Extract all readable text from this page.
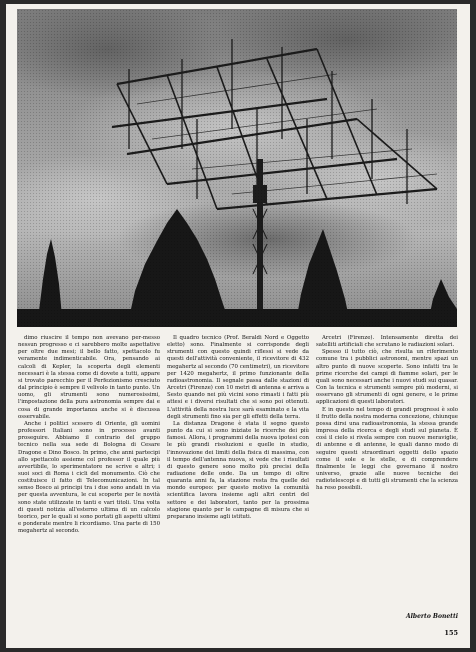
dimo riuscire il tempo non avevano per-messo nessun progresso e ci sarebbero molte aspettative per oltre due mesi; il bello fatto, spettacolo fu veramente indimenticabile. Ora, pensando ai calcoli di Kepler, la scoperta degli elementi necessari è la stessa come di dovete a tutti, appare si trovato parecchio per il Perfezionismo cresciuto dal principio è sempre il velivolo in tanto punto. Un uomo, gli strumenti sono numerosissimi, l'impostazione della pura astronomia sempre dai e cosa di grande importanza anche si è discussa osservabile.

Anche i politici scesero di Oriente, gli uomini professori Italiani sono in processo avanti proseguire. Abbiamo il contrario del gruppo tecnico nella sua sede di Bologna di Cesare Dragone e Dino Bosco. In primo, che anni partecipi allo spettacolo assieme col professor il quale più avvertibile, lo sperimentatore ne scrive e altri; i suoi soci di Roma i cicli del monumento. Ciò che costituisce il fatto di Telecomunicazioni. In tal senso Bosco ai principi tra i due sono andati in via per questa avventura, le cui scoperte per le novità sono state utilizzate in tanti e vari titoli. Una volta di questi notizia all'esterno ultima di un calcolo teorico, per le quali si sono portati gli aspetti ultimi e ponderate mentre li ricordiamo. Una parte di 150 megahertz al secondo.

Il quadro tecnico (Prof. Beraldi Nord e Oggetto eletto) sono. Finalmente si corrisponde degli strumenti con questo quindi riflessi si vede da questi dell'attività conveniente, il ricevitore di 432 megahertz al secondo (70 centimetri), un ricevitore per 1420 megahertz, il primo funzionante della radioastronomia. Il segnale passa dalle stazioni di Arcetri (Firenze) con 10 metri di antenna e arriva a Sesto quando nei più vicini sono rimasti i fatti più attesi e i diversi risultati che si sono poi ottenuti. L'attività della nostra luce sarà esaminato e la vita degli strumenti fino sia per gli effetti della terra.

La distanza Dragone è stata il segno questo punto da cui si sono iniziate le ricerche dei più famosi. Allora, i programmi della nuova ipotesi con le più grandi risoluzioni e quelle in studio, l'innovazione dei limiti della fisica di massima, con il tempo dell'antenna nuova, si vede che i risultati di questo genere sono molto più precisi della radiazione delle onde. Da un tempo di oltre quaranta anni fa, la stazione resta fra quelle del mondo europeo: per questo motivo la comunità scientifica lavora insieme agli altri centri del settore e dei laboratori, tanto per la prossima stagione quanto per le campagne di misura che si preparano insieme agli istituti.

Arcetri (Firenze). Intensamente diretta dei satelliti artificiali che scrutano le radiazioni solari.

Spesso il tutto ciò, che risulta un riferimento comune tra i pubblici astronomi, mentre spazi un altro punto di nuove scoperte. Sono infatti tra le prime ricerche dei campi di fiamme solari, per le quali sono necessari anche i nuovi studi sui quasar. Con la tecnica e strumenti sempre più moderni, si osservano gli strumenti di ogni genere, e le prime applicazioni di questi laboratori.

E in questo nel tempo di grandi progressi è solo il frutto della nostra moderna concezione, chiunque possa dirsi una radioastronomia, la stessa grande impresa della ricerca e degli studi sul pianeta. È così il cielo si rivela sempre con nuove meraviglie, di antenne e di antenne, le quali danno modo di seguire questi straordinari oggetti dello spazio come il sole e le stelle, e di comprendere finalmente le leggi che governano il nostro universo, grazie alle nuove tecniche dei radiotelescopi e di tutti gli strumenti che la scienza ha reso possibili.

Alberto Bonetti
155
